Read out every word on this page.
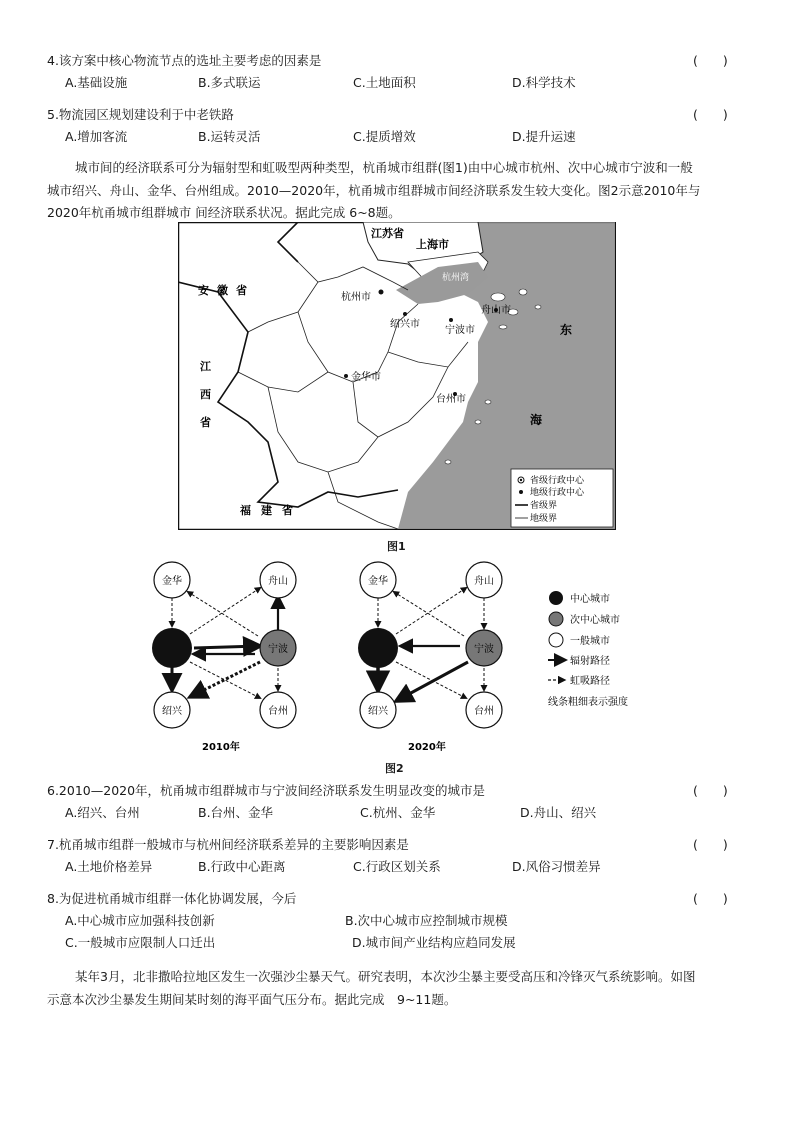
4.该方案中核心物流节点的选址主要考虑的因素是	(　　)
A.基础设施	B.多式联运	C.土地面积	D.科学技术
5.物流园区规划建设利于中老铁路	(　　)
A.增加客流	B.运转灵活	C.提质增效	D.提升运速
城市间的经济联系可分为辐射型和虹吸型两种类型，杭甬城市组群(图1)由中心城市杭州、次中心城市宁波和一般
城市绍兴、舟山、金华、台州组成。2010—2020年，杭甬城市组群城市间经济联系发生较大变化。图2示意2010年与
2020年杭甬城市组群城市 间经济联系状况。据此完成 6~8题。
江苏省
上海市
安徽省
杭州湾
杭州市
绍兴市
宁波市
舟山市
金华市
台州市
江西省
福建省
东海
省级行政中心
地级行政中心
省级界
地级界
图1
金华	舟山
宁波
绍兴	台州
2010年
金华	舟山
宁波
绍兴	台州
2020年
中心城市
次中心城市
一般城市
辐射路径
虹吸路径
线条粗细表示强度
图2
6.2010—2020年，杭甬城市组群城市与宁波间经济联系发生明显改变的城市是	(　　)
A.绍兴、台州	B.台州、金华	C.杭州、金华	D.舟山、绍兴
7.杭甬城市组群一般城市与杭州间经济联系差异的主要影响因素是	(　　)
A.土地价格差异	B.行政中心距离	C.行政区划关系	D.风俗习惯差异
8.为促进杭甬城市组群一体化协调发展，今后	(　　)
A.中心城市应加强科技创新	B.次中心城市应控制城市规模
C.一般城市应限制人口迁出	D.城市间产业结构应趋同发展
某年3月，北非撒哈拉地区发生一次强沙尘暴天气。研究表明，本次沙尘暴主要受高压和冷锋灭气系统影响。如图
示意本次沙尘暴发生期间某时刻的海平面气压分布。据此完成　9~11题。
